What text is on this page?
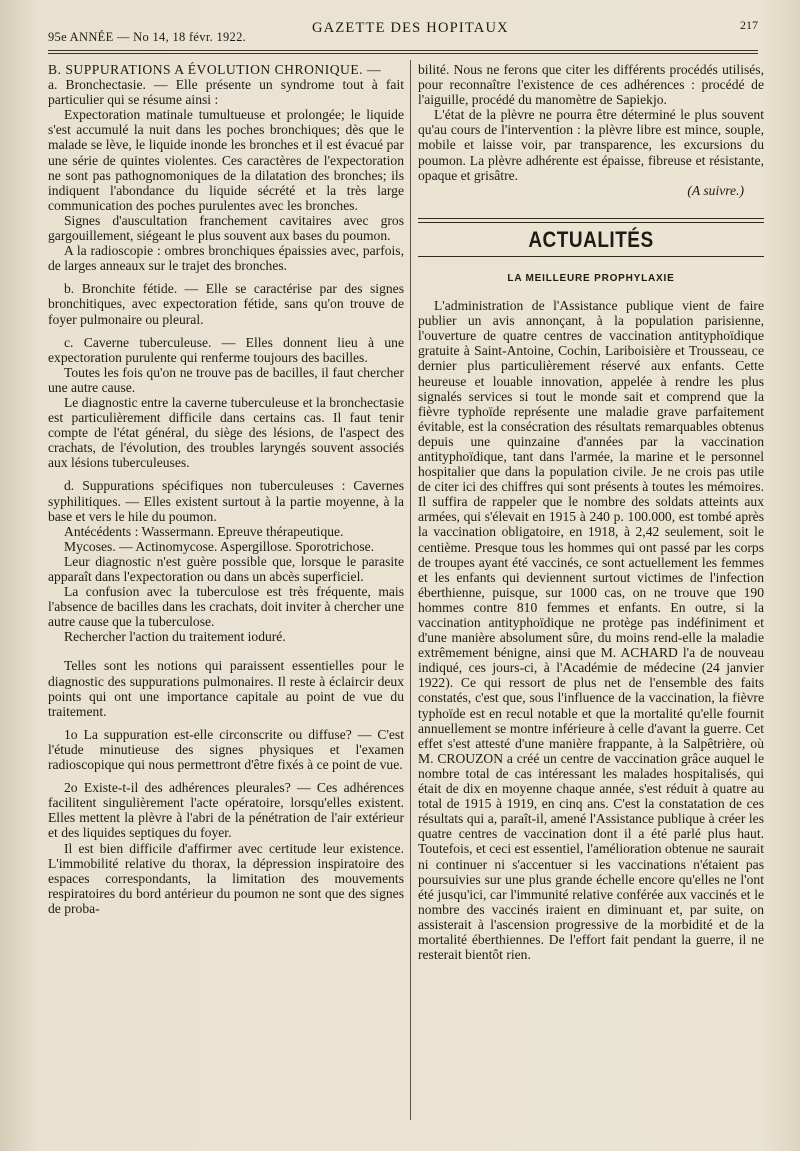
95e ANNÉE — No 14, 18 févr. 1922.
GAZETTE DES HOPITAUX	217

B. SUPPURATIONS A ÉVOLUTION CHRONIQUE. —

a. Bronchectasie. — Elle présente un syndrome tout à fait particulier qui se résume ainsi :

Expectoration matinale tumultueuse et prolongée; le liquide s'est accumulé la nuit dans les poches bronchiques; dès que le malade se lève, le liquide inonde les bronches et il est évacué par une série de quintes violentes. Ces caractères de l'expectoration ne sont pas pathognomoniques de la dilatation des bronches; ils indiquent l'abondance du liquide sécrété et la très large communication des poches purulentes avec les bronches.

Signes d'auscultation franchement cavitaires avec gros gargouillement, siégeant le plus souvent aux bases du poumon.

A la radioscopie : ombres bronchiques épaissies avec, parfois, de larges anneaux sur le trajet des bronches.

b. Bronchite fétide. — Elle se caractérise par des signes bronchitiques, avec expectoration fétide, sans qu'on trouve de foyer pulmonaire ou pleural.

c. Caverne tuberculeuse. — Elles donnent lieu à une expectoration purulente qui renferme toujours des bacilles.

Toutes les fois qu'on ne trouve pas de bacilles, il faut chercher une autre cause.

Le diagnostic entre la caverne tuberculeuse et la bronchectasie est particulièrement difficile dans certains cas. Il faut tenir compte de l'état général, du siège des lésions, de l'aspect des crachats, de l'évolution, des troubles laryngés souvent associés aux lésions tuberculeuses.

d. Suppurations spécifiques non tuberculeuses : Cavernes syphilitiques. — Elles existent surtout à la partie moyenne, à la base et vers le hile du poumon.

Antécédents : Wassermann. Epreuve thérapeutique.

Mycoses. — Actinomycose. Aspergillose. Sporotrichose.

Leur diagnostic n'est guère possible que, lorsque le parasite apparaît dans l'expectoration ou dans un abcès superficiel.

La confusion avec la tuberculose est très fréquente, mais l'absence de bacilles dans les crachats, doit inviter à chercher une autre cause que la tuberculose.

Rechercher l'action du traitement ioduré.

Telles sont les notions qui paraissent essentielles pour le diagnostic des suppurations pulmonaires. Il reste à éclaircir deux points qui ont une importance capitale au point de vue du traitement.

1o La suppuration est-elle circonscrite ou diffuse? — C'est l'étude minutieuse des signes physiques et l'examen radioscopique qui nous permettront d'être fixés à ce point de vue.

2o Existe-t-il des adhérences pleurales? — Ces adhérences facilitent singulièrement l'acte opératoire, lorsqu'elles existent. Elles mettent la plèvre à l'abri de la pénétration de l'air extérieur et des liquides septiques du foyer.

Il est bien difficile d'affirmer avec certitude leur existence. L'immobilité relative du thorax, la dépression inspiratoire des espaces correspondants, la limitation des mouvements respiratoires du bord antérieur du poumon ne sont que des signes de proba-

bilité. Nous ne ferons que citer les différents procédés utilisés, pour reconnaître l'existence de ces adhérences : procédé de l'aiguille, procédé du manomètre de Sapiekjo.

L'état de la plèvre ne pourra être déterminé le plus souvent qu'au cours de l'intervention : la plèvre libre est mince, souple, mobile et laisse voir, par transparence, les excursions du poumon. La plèvre adhérente est épaisse, fibreuse et résistante, opaque et grisâtre.

(A suivre.)

ACTUALITÉS
LA MEILLEURE PROPHYLAXIE

L'administration de l'Assistance publique vient de faire publier un avis annonçant, à la population parisienne, l'ouverture de quatre centres de vaccination antityphoïdique gratuite à Saint-Antoine, Cochin, Lariboisière et Trousseau, ce dernier plus particulièrement réservé aux enfants. Cette heureuse et louable innovation, appelée à rendre les plus signalés services si tout le monde sait et comprend que la fièvre typhoïde représente une maladie grave parfaitement évitable, est la consécration des résultats remarquables obtenus depuis une quinzaine d'années par la vaccination antityphoïdique, tant dans l'armée, la marine et le personnel hospitalier que dans la population civile. Je ne crois pas utile de citer ici des chiffres qui sont présents à toutes les mémoires. Il suffira de rappeler que le nombre des soldats atteints aux armées, qui s'élevait en 1915 à 240 p. 100.000, est tombé après la vaccination obligatoire, en 1918, à 2,42 seulement, soit le centième. Presque tous les hommes qui ont passé par les corps de troupes ayant été vaccinés, ce sont actuellement les femmes et les enfants qui deviennent surtout victimes de l'infection éberthienne, puisque, sur 1000 cas, on ne trouve que 190 hommes contre 810 femmes et enfants. En outre, si la vaccination antityphoïdique ne protège pas indéfiniment et d'une manière absolument sûre, du moins rend-elle la maladie extrêmement bénigne, ainsi que M. ACHARD l'a de nouveau indiqué, ces jours-ci, à l'Académie de médecine (24 janvier 1922). Ce qui ressort de plus net de l'ensemble des faits constatés, c'est que, sous l'influence de la vaccination, la fièvre typhoïde est en recul notable et que la mortalité qu'elle fournit annuellement se montre inférieure à celle d'avant la guerre. Cet effet s'est attesté d'une manière frappante, à la Salpêtrière, où M. CROUZON a créé un centre de vaccination grâce auquel le nombre total de cas intéressant les malades hospitalisés, qui était de dix en moyenne chaque année, s'est réduit à quatre au total de 1915 à 1919, en cinq ans. C'est la constatation de ces résultats qui a, paraît-il, amené l'Assistance publique à créer les quatre centres de vaccination dont il a été parlé plus haut. Toutefois, et ceci est essentiel, l'amélioration obtenue ne saurait ni continuer ni s'accentuer si les vaccinations n'étaient pas poursuivies sur une plus grande échelle encore qu'elles ne l'ont été jusqu'ici, car l'immunité relative conférée aux vaccinés et le nombre des vaccinés iraient en diminuant et, par suite, on assisterait à l'ascension progressive de la morbidité et de la mortalité éberthiennes. De l'effort fait pendant la guerre, il ne resterait bientôt rien.
